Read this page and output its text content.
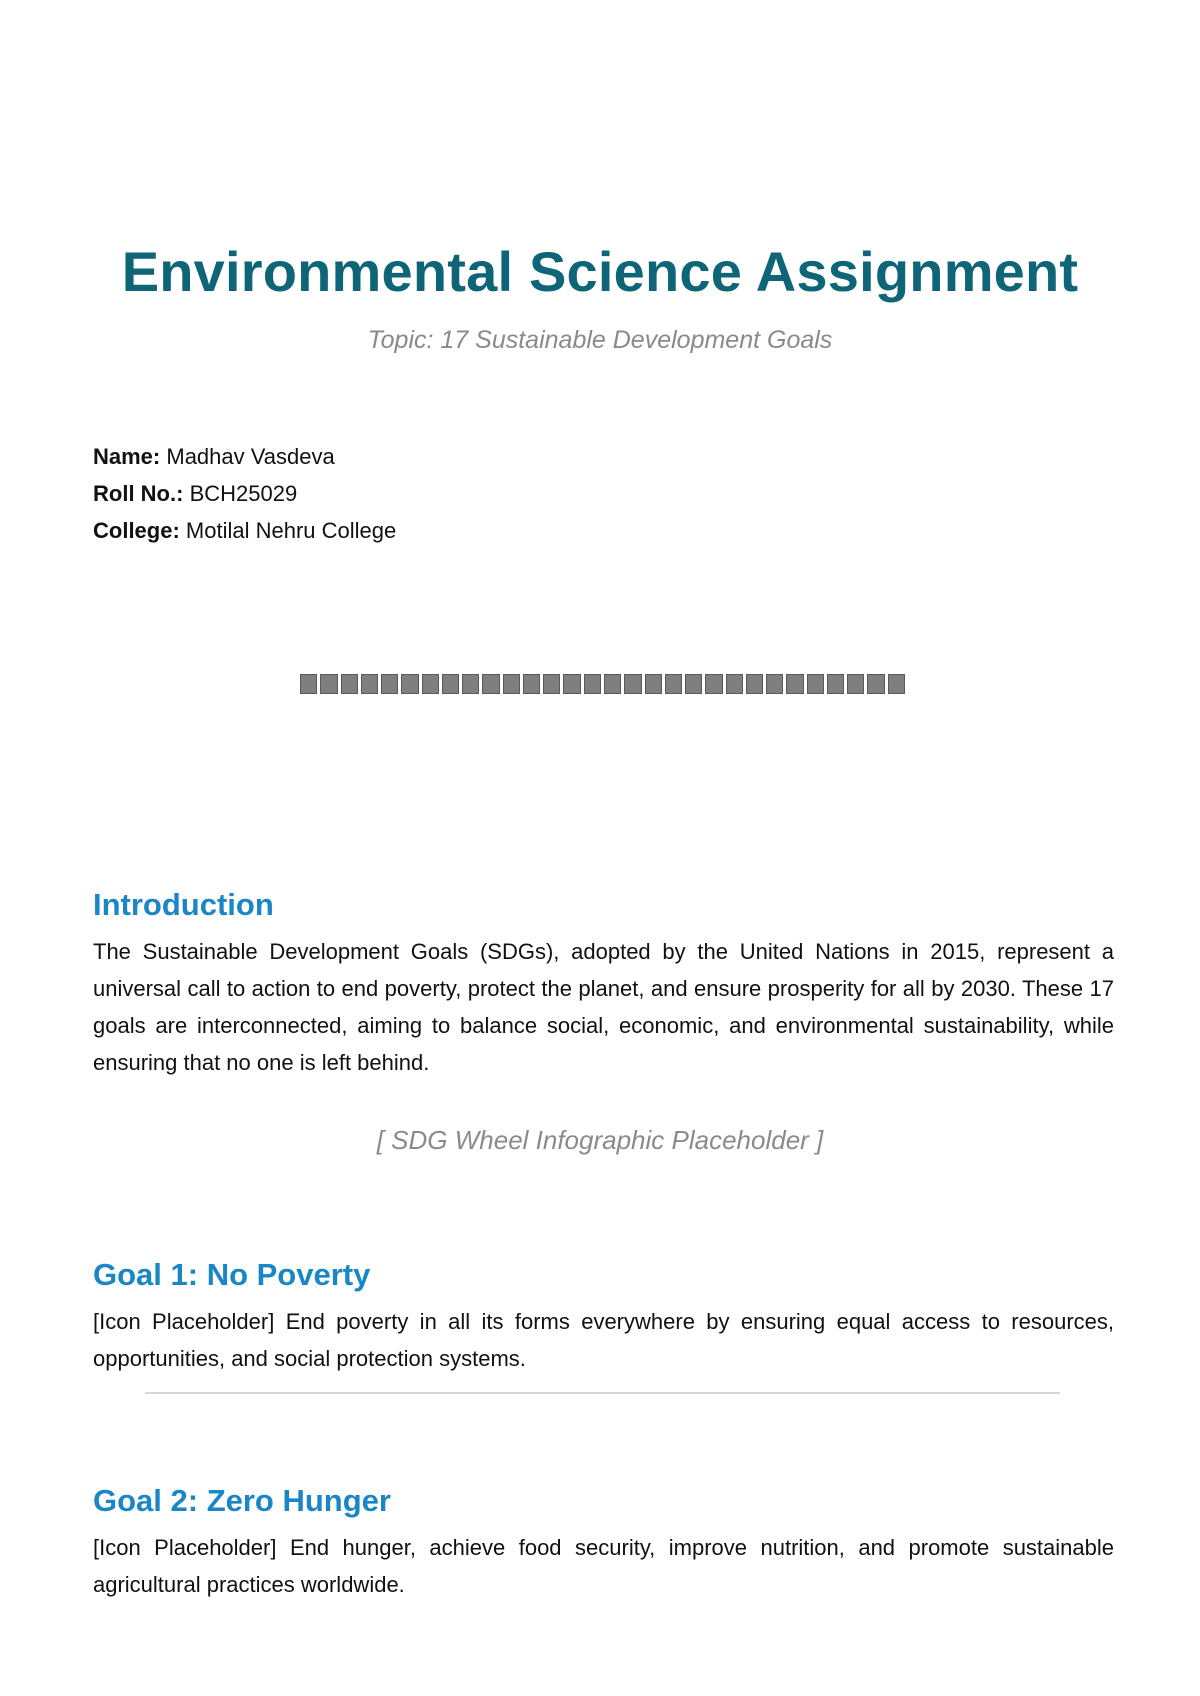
Environmental Science Assignment
Topic: 17 Sustainable Development Goals
Name: Madhav Vasdeva
Roll No.: BCH25029
College: Motilal Nehru College
Introduction

The Sustainable Development Goals (SDGs), adopted by the United Nations in 2015, represent a universal call to action to end poverty, protect the planet, and ensure prosperity for all by 2030. These 17 goals are interconnected, aiming to balance social, economic, and environmental sustainability, while ensuring that no one is left behind.

[ SDG Wheel Infographic Placeholder ]
Goal 1: No Poverty

[Icon Placeholder] End poverty in all its forms everywhere by ensuring equal access to resources, opportunities, and social protection systems.

Goal 2: Zero Hunger

[Icon Placeholder] End hunger, achieve food security, improve nutrition, and promote sustainable agricultural practices worldwide.
